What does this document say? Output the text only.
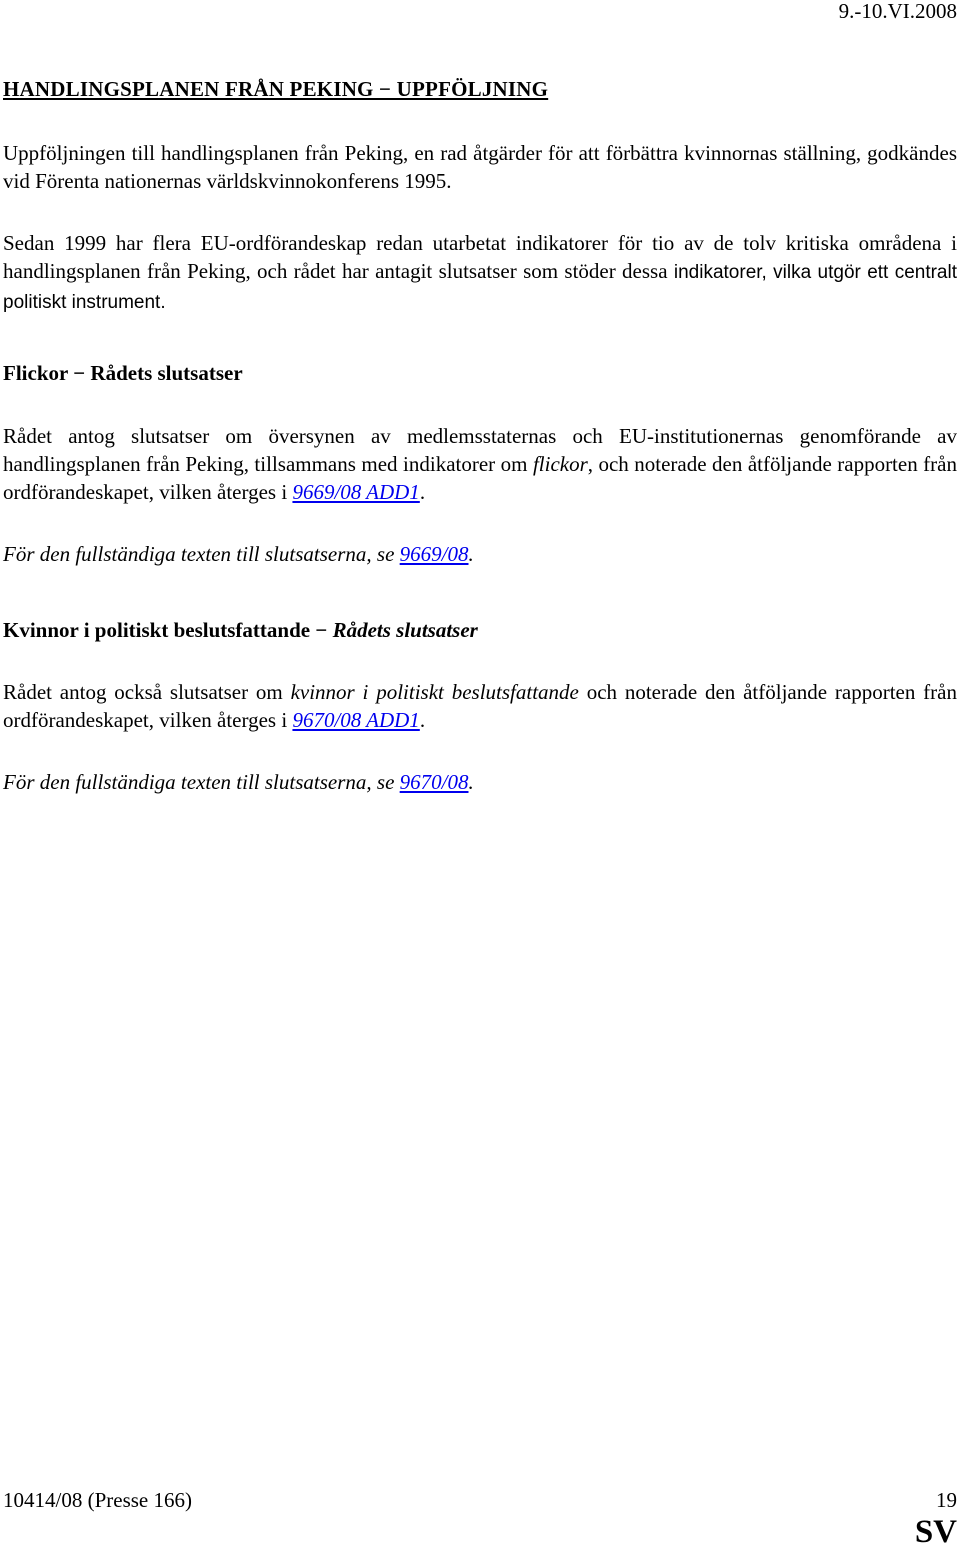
9.-10.VI.2008
HANDLINGSPLANEN FRÅN PEKING − UPPFÖLJNING

Uppföljningen till handlingsplanen från Peking, en rad åtgärder för att förbättra kvinnornas ställning, godkändes vid Förenta nationernas världskvinnokonferens 1995.

Sedan 1999 har flera EU-ordförandeskap redan utarbetat indikatorer för tio av de tolv kritiska områdena i handlingsplanen från Peking, och rådet har antagit slutsatser som stöder dessa indikatorer, vilka utgör ett centralt politiskt instrument.

Flickor − Rådets slutsatser

Rådet antog slutsatser om översynen av medlemsstaternas och EU-institutionernas genomförande av handlingsplanen från Peking, tillsammans med indikatorer om flickor, och noterade den åtföljande rapporten från ordförandeskapet, vilken återges i 9669/08 ADD1.

För den fullständiga texten till slutsatserna, se 9669/08.

Kvinnor i politiskt beslutsfattande − Rådets slutsatser

Rådet antog också slutsatser om kvinnor i politiskt beslutsfattande och noterade den åtföljande rapporten från ordförandeskapet, vilken återges i 9670/08 ADD1.

För den fullständiga texten till slutsatserna, se 9670/08.

10414/08 (Presse 166)	19
SV
